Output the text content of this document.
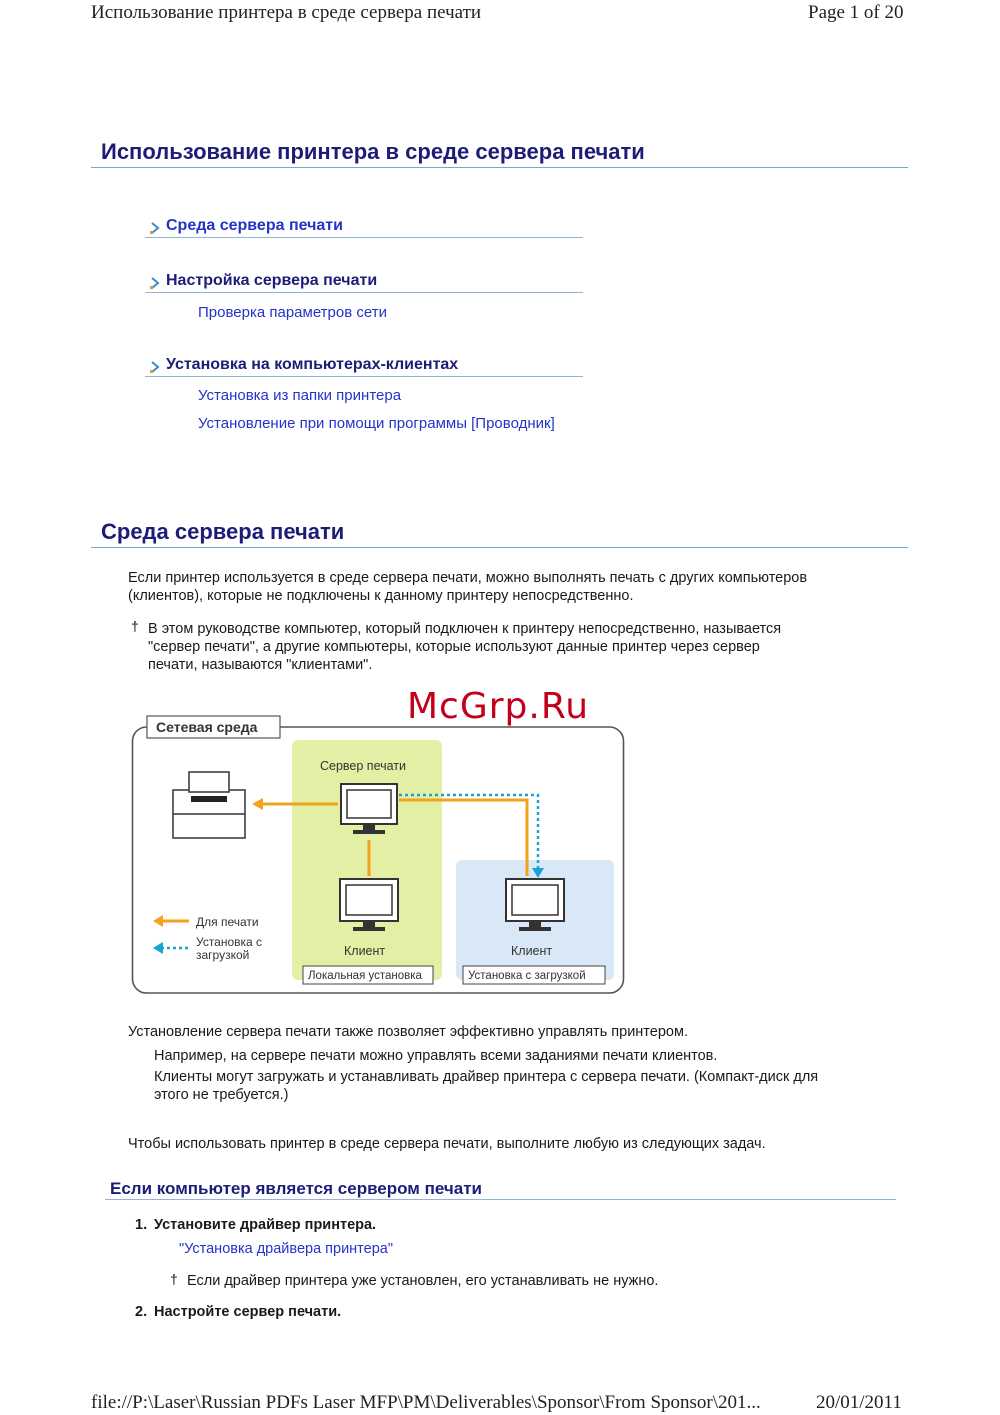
Использование принтера в среде сервера печати	Page 1 of 20
Использование принтера в среде сервера печати
Среда сервера печати
Настройка сервера печати
Проверка параметров сети
Установка на компьютерах-клиентах
Установка из папки принтера
Установление при помощи программы [Проводник]
Среда сервера печати
Если принтер используется в среде сервера печати, можно выполнять печать с других компьютеров
(клиентов), которые не подключены к данному принтеру непосредственно.
† В этом руководстве компьютер, который подключен к принтеру непосредственно, называется
"сервер печати", а другие компьютеры, которые используют данные принтер через сервер
печати, называются "клиентами".
Сетевая среда
Сервер печати
Клиент	Клиент
Для печати
Установка с
загрузкой
Локальная установка	Установка с загрузкой
McGrp.Ru
Установление сервера печати также позволяет эффективно управлять принтером.
Например, на сервере печати можно управлять всеми заданиями печати клиентов.
Клиенты могут загружать и устанавливать драйвер принтера с сервера печати. (Компакт-диск для
этого не требуется.)
Чтобы использовать принтер в среде сервера печати, выполните любую из следующих задач.
Если компьютер является сервером печати
1. Установите драйвер принтера.
"Установка драйвера принтера"
† Если драйвер принтера уже установлен, его устанавливать не нужно.
2. Настройте сервер печати.
file://P:\Laser\Russian PDFs Laser MFP\PM\Deliverables\Sponsor\From Sponsor\201...	20/01/2011
